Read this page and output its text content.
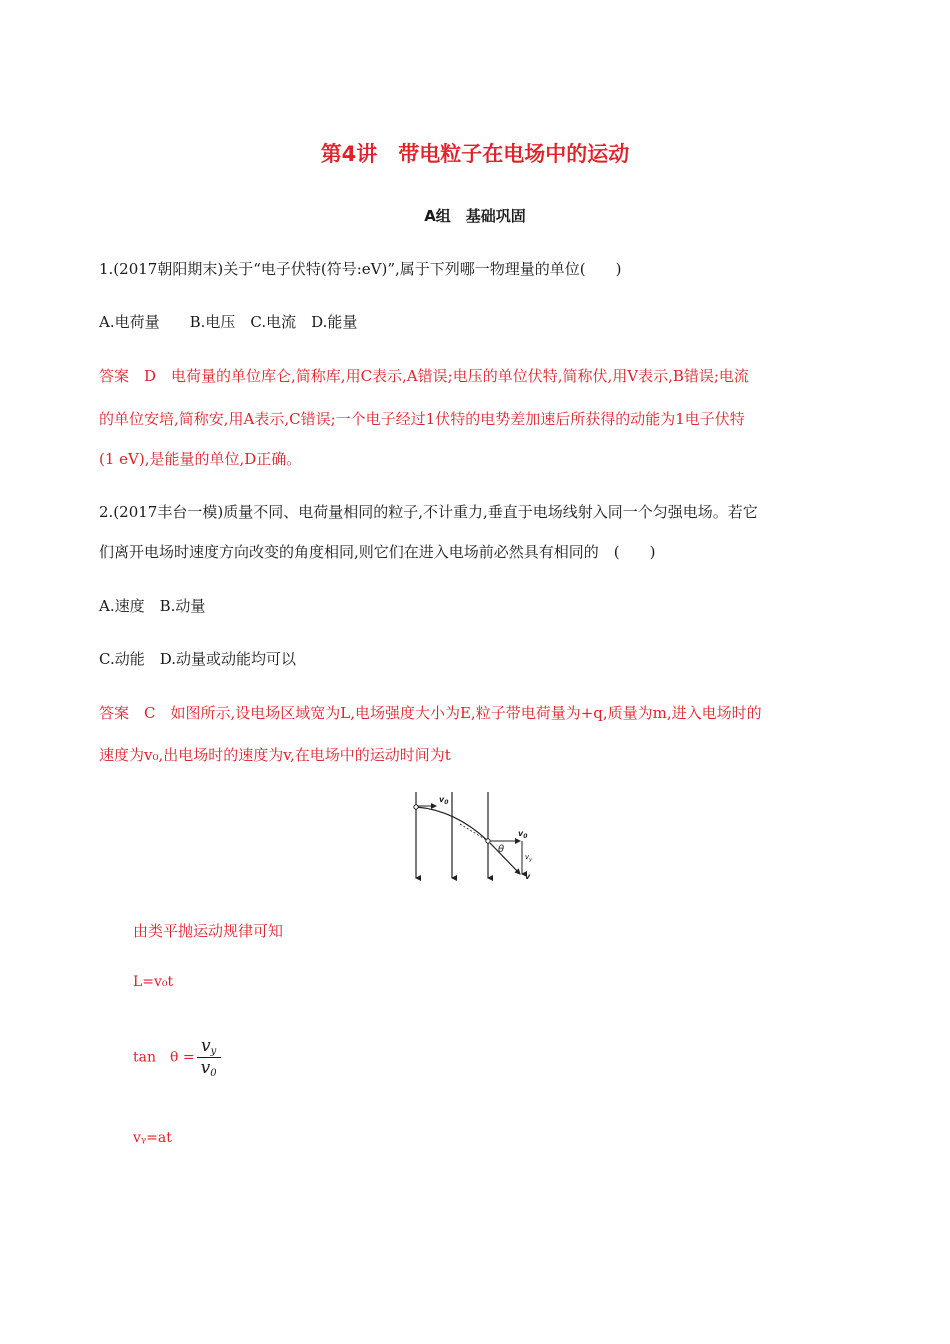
第4讲　带电粒子在电场中的运动
A组　基础巩固
1.(2017朝阳期末)关于“电子伏特(符号:eV)”,属于下列哪一物理量的单位(　　)
A.电荷量　　B.电压　C.电流　D.能量
答案　D　电荷量的单位库仑,简称库,用C表示,A错误;电压的单位伏特,简称伏,用V表示,B错误;电流
的单位安培,简称安,用A表示,C错误;一个电子经过1伏特的电势差加速后所获得的动能为1电子伏特
(1 eV),是能量的单位,D正确。
2.(2017丰台一模)质量不同、电荷量相同的粒子,不计重力,垂直于电场线射入同一个匀强电场。若它
们离开电场时速度方向改变的角度相同,则它们在进入电场前必然具有相同的　(　　)
A.速度　B.动量
C.动能　D.动量或动能均可以
答案　C　如图所示,设电场区域宽为L,电场强度大小为E,粒子带电荷量为+q,质量为m,进入电场时的
速度为v₀,出电场时的速度为v,在电场中的运动时间为t
$v_0$
$v_0$
θ
$v_y$
v
由类平抛运动规律可知
L=v₀t
tan　$\theta = \frac{v_y}{v_0}$
vᵧ=at
